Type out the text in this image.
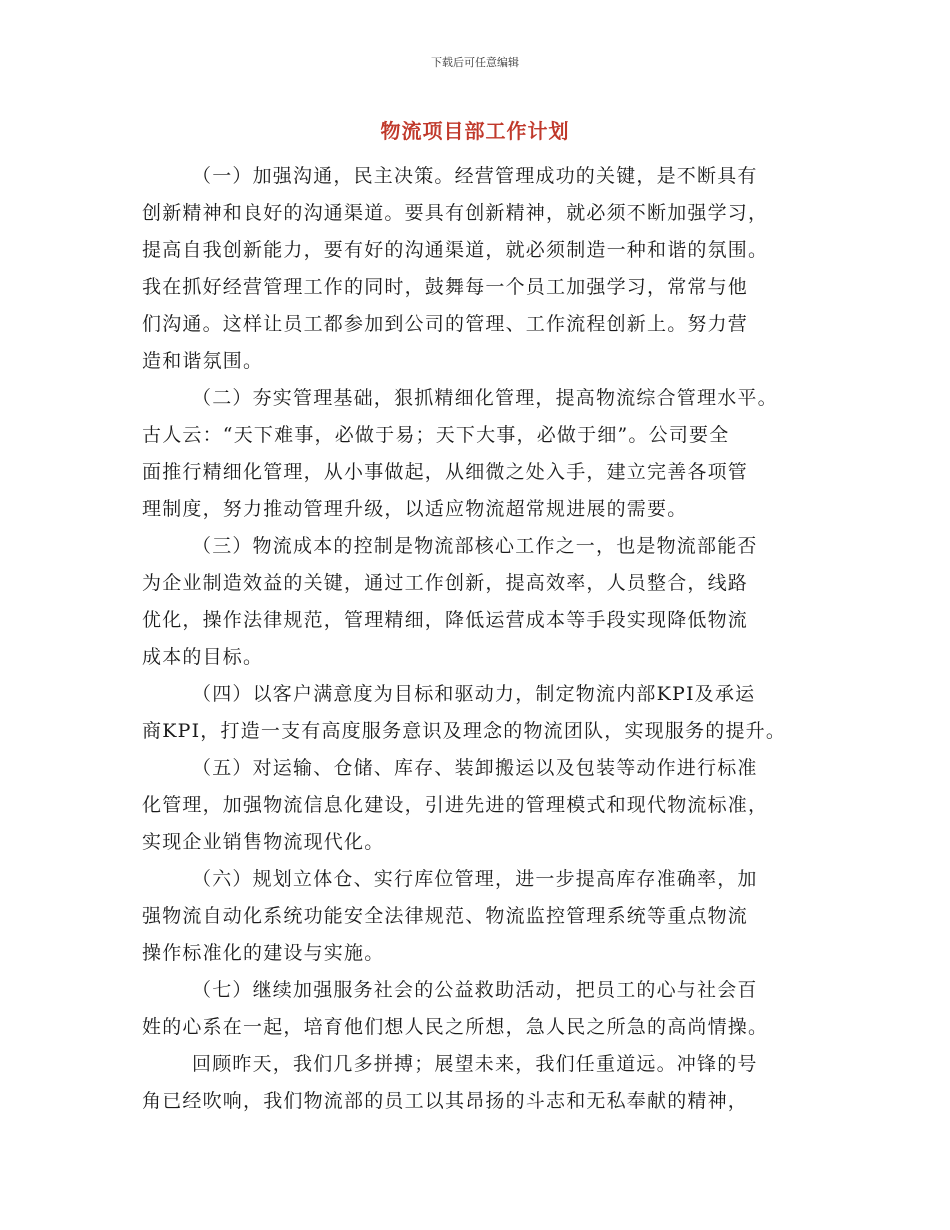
下载后可任意编辑
物流项目部工作计划
（一）加强沟通，民主决策。经营管理成功的关键，是不断具有
创新精神和良好的沟通渠道。要具有创新精神，就必须不断加强学习，
提高自我创新能力，要有好的沟通渠道，就必须制造一种和谐的氛围。
我在抓好经营管理工作的同时，鼓舞每一个员工加强学习，常常与他
们沟通。这样让员工都参加到公司的管理、工作流程创新上。努力营
造和谐氛围。
（二）夯实管理基础，狠抓精细化管理，提高物流综合管理水平。
古人云：“天下难事，必做于易；天下大事，必做于细”。公司要全
面推行精细化管理，从小事做起，从细微之处入手，建立完善各项管
理制度，努力推动管理升级，以适应物流超常规进展的需要。
（三）物流成本的控制是物流部核心工作之一，也是物流部能否
为企业制造效益的关键，通过工作创新，提高效率，人员整合，线路
优化，操作法律规范，管理精细，降低运营成本等手段实现降低物流
成本的目标。
（四）以客户满意度为目标和驱动力，制定物流内部KPI及承运
商KPI，打造一支有高度服务意识及理念的物流团队，实现服务的提升。
（五）对运输、仓储、库存、装卸搬运以及包装等动作进行标准
化管理，加强物流信息化建设，引进先进的管理模式和现代物流标准，
实现企业销售物流现代化。
（六）规划立体仓、实行库位管理，进一步提高库存准确率，加
强物流自动化系统功能安全法律规范、物流监控管理系统等重点物流
操作标准化的建设与实施。
（七）继续加强服务社会的公益救助活动，把员工的心与社会百
姓的心系在一起，培育他们想人民之所想，急人民之所急的高尚情操。
回顾昨天，我们几多拼搏；展望未来，我们任重道远。冲锋的号
角已经吹响，我们物流部的员工以其昂扬的斗志和无私奉献的精神，
